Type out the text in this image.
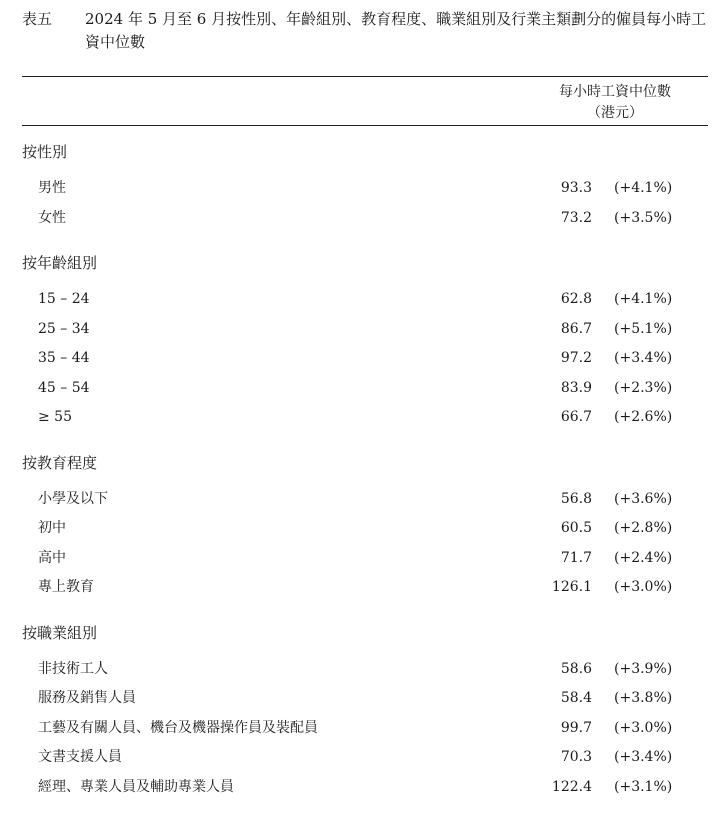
表五 2024 年 5 月至 6 月按性別、年齡組別、教育程度、職業組別及行業主類劃分的僱員每小時工資中位數
每小時工資中位數
（港元）
按性別
男性	93.3 (+4.1%)
女性	73.2 (+3.5%)
按年齡組別
15 – 24	62.8 (+4.1%)
25 – 34	86.7 (+5.1%)
35 – 44	97.2 (+3.4%)
45 – 54	83.9 (+2.3%)
≥ 55	66.7 (+2.6%)
按教育程度
小學及以下	56.8 (+3.6%)
初中	60.5 (+2.8%)
高中	71.7 (+2.4%)
專上教育	126.1 (+3.0%)
按職業組別
非技術工人	58.6 (+3.9%)
服務及銷售人員	58.4 (+3.8%)
工藝及有關人員、機台及機器操作員及裝配員	99.7 (+3.0%)
文書支援人員	70.3 (+3.4%)
經理、專業人員及輔助專業人員	122.4 (+3.1%)
